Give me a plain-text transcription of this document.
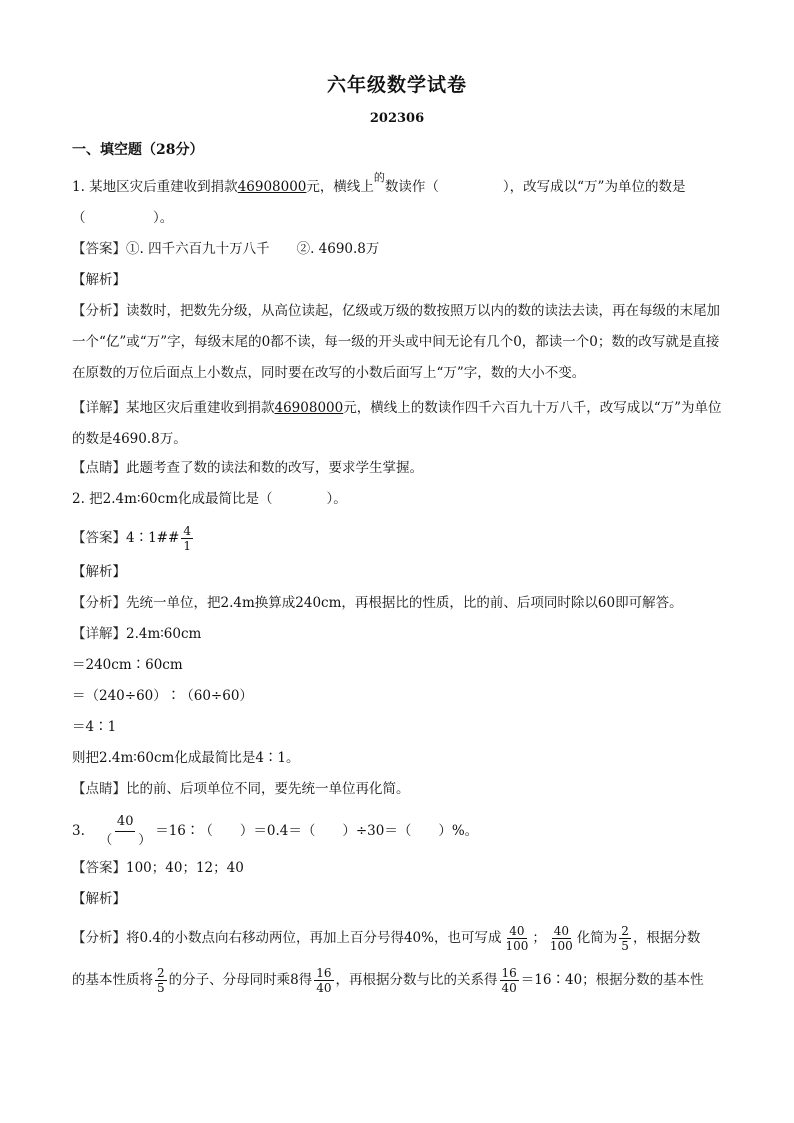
六年级数学试卷
202306
一、填空题（28分）
1. 某地区灾后重建收到捐款46908000元，横线上$^的$数读作（	），改写成以“万”为单位的数是
（　　　　　）。
【答案】①. 四千六百九十万八千　　②. 4690.8万
【解析】
【分析】读数时，把数先分级，从高位读起，亿级或万级的数按照万以内的数的读法去读，再在每级的末尾加一个“亿”或“万”字，每级末尾的0都不读，每一级的开头或中间无论有几个0，都读一个0；数的改写就是直接在原数的万位后面点上小数点，同时要在改写的小数后面写上“万”字，数的大小不变。
【详解】某地区灾后重建收到捐款46908000元，横线上的数读作四千六百九十万八千，改写成以“万”为单位的数是4690.8万。
【点睛】此题考查了数的读法和数的改写，要求学生掌握。
2. 把2.4m∶60cm化成最简比是（　　　　）。
【答案】4∶1## $\frac{4}{1}$
【解析】
【分析】先统一单位，把2.4m换算成240cm，再根据比的性质，比的前、后项同时除以60即可解答。
【详解】2.4m∶60cm
＝240cm∶60cm
＝（240÷60）∶（60÷60）
＝4∶1
则把2.4m∶60cm化成最简比是4∶1。
【点睛】比的前、后项单位不同，要先统一单位再化简。
3. $\frac{40}{( )}$ ＝16∶（　　）＝0.4＝（　　）÷30＝（　　）%。
【答案】100；40；12；40
【解析】
【分析】将0.4的小数点向右移动两位，再加上百分号得40%，也可写成 $\frac{40}{100}$ ； $\frac{40}{100}$ 化简为 $\frac{2}{5}$ ，根据分数
的基本性质将 $\frac{2}{5}$ 的分子、分母同时乘8得 $\frac{16}{40}$ ，再根据分数与比的关系得 $\frac{16}{40}$ ＝16∶40；根据分数的基本性
